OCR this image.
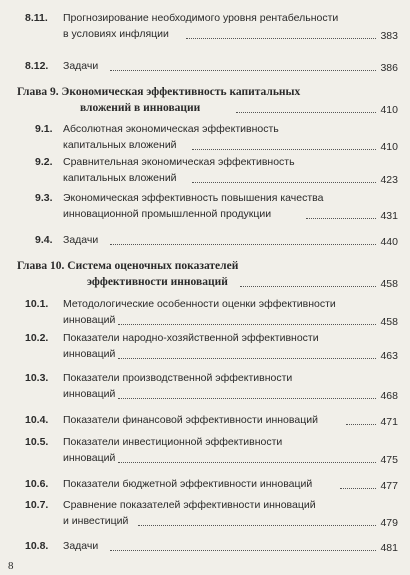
8.11. Прогнозирование необходимого уровня рентабельности
в условиях инфляции	383
8.12. Задачи	386
Глава 9. Экономическая эффективность капитальных
вложений в инновации	410
9.1. Абсолютная экономическая эффективность
капитальных вложений	410
9.2. Сравнительная экономическая эффективность
капитальных вложений	423
9.3. Экономическая эффективность повышения качества
инновационной промышленной продукции	431
9.4. Задачи	440
Глава 10. Система оценочных показателей
эффективности инноваций	458
10.1. Методологические особенности оценки эффективности
инноваций	458
10.2. Показатели народно-хозяйственной эффективности
инноваций	463
10.3. Показатели производственной эффективности
инноваций	468
10.4. Показатели финансовой эффективности инноваций	471
10.5. Показатели инвестиционной эффективности
инноваций	475
10.6. Показатели бюджетной эффективности инноваций	477
10.7. Сравнение показателей эффективности инноваций
и инвестиций	479
10.8. Задачи	481
8
